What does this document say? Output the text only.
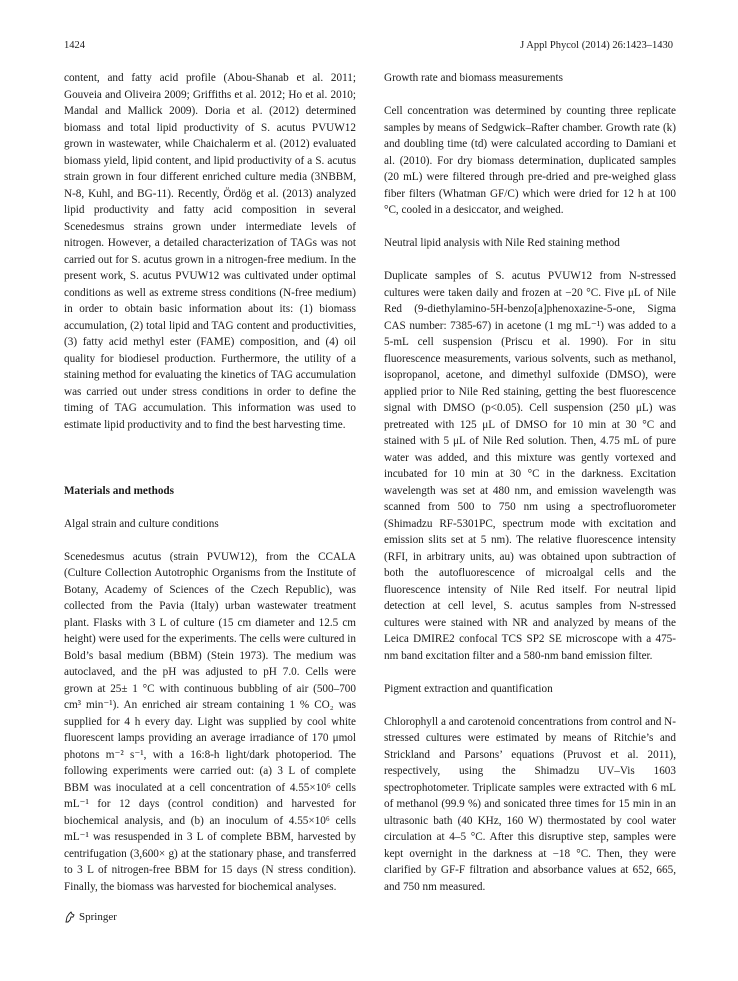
1424	J Appl Phycol (2014) 26:1423–1430

content, and fatty acid profile (Abou-Shanab et al. 2011; Gouveia and Oliveira 2009; Griffiths et al. 2012; Ho et al. 2010; Mandal and Mallick 2009). Doria et al. (2012) determined biomass and total lipid productivity of S. acutus PVUW12 grown in wastewater, while Chaichalerm et al. (2012) evaluated biomass yield, lipid content, and lipid productivity of a S. acutus strain grown in four different enriched culture media (3NBBM, N-8, Kuhl, and BG-11). Recently, Ördög et al. (2013) analyzed lipid productivity and fatty acid composition in several Scenedesmus strains grown under intermediate levels of nitrogen. However, a detailed characterization of TAGs was not carried out for S. acutus grown in a nitrogen-free medium. In the present work, S. acutus PVUW12 was cultivated under optimal conditions as well as extreme stress conditions (N-free medium) in order to obtain basic information about its: (1) biomass accumulation, (2) total lipid and TAG content and productivities, (3) fatty acid methyl ester (FAME) composition, and (4) oil quality for biodiesel production. Furthermore, the utility of a staining method for evaluating the kinetics of TAG accumulation was carried out under stress conditions in order to define the timing of TAG accumulation. This information was used to estimate lipid productivity and to find the best harvesting time.

Materials and methods

Algal strain and culture conditions

Scenedesmus acutus (strain PVUW12), from the CCALA (Culture Collection Autotrophic Organisms from the Institute of Botany, Academy of Sciences of the Czech Republic), was collected from the Pavia (Italy) urban wastewater treatment plant. Flasks with 3 L of culture (15 cm diameter and 12.5 cm height) were used for the experiments. The cells were cultured in Bold’s basal medium (BBM) (Stein 1973). The medium was autoclaved, and the pH was adjusted to pH 7.0. Cells were grown at 25± 1 °C with continuous bubbling of air (500–700 cm³ min⁻¹). An enriched air stream containing 1 % CO₂ was supplied for 4 h every day. Light was supplied by cool white fluorescent lamps providing an average irradiance of 170 μmol photons m⁻² s⁻¹, with a 16:8-h light/dark photoperiod. The following experiments were carried out: (a) 3 L of complete BBM was inoculated at a cell concentration of 4.55×10⁶ cells mL⁻¹ for 12 days (control condition) and harvested for biochemical analysis, and (b) an inoculum of 4.55×10⁶ cells mL⁻¹ was resuspended in 3 L of complete BBM, harvested by centrifugation (3,600× g) at the stationary phase, and transferred to 3 L of nitrogen-free BBM for 15 days (N stress condition). Finally, the biomass was harvested for biochemical analyses.

Growth rate and biomass measurements

Cell concentration was determined by counting three replicate samples by means of Sedgwick–Rafter chamber. Growth rate (k) and doubling time (td) were calculated according to Damiani et al. (2010). For dry biomass determination, duplicated samples (20 mL) were filtered through pre-dried and pre-weighed glass fiber filters (Whatman GF/C) which were dried for 12 h at 100 °C, cooled in a desiccator, and weighed.

Neutral lipid analysis with Nile Red staining method

Duplicate samples of S. acutus PVUW12 from N-stressed cultures were taken daily and frozen at −20 °C. Five μL of Nile Red (9-diethylamino-5H-benzo[a]phenoxazine-5-one, Sigma CAS number: 7385-67) in acetone (1 mg mL⁻¹) was added to a 5-mL cell suspension (Priscu et al. 1990). For in situ fluorescence measurements, various solvents, such as methanol, isopropanol, acetone, and dimethyl sulfoxide (DMSO), were applied prior to Nile Red staining, getting the best fluorescence signal with DMSO (p<0.05). Cell suspension (250 μL) was pretreated with 125 μL of DMSO for 10 min at 30 °C and stained with 5 μL of Nile Red solution. Then, 4.75 mL of pure water was added, and this mixture was gently vortexed and incubated for 10 min at 30 °C in the darkness. Excitation wavelength was set at 480 nm, and emission wavelength was scanned from 500 to 750 nm using a spectrofluorometer (Shimadzu RF-5301PC, spectrum mode with excitation and emission slits set at 5 nm). The relative fluorescence intensity (RFI, in arbitrary units, au) was obtained upon subtraction of both the autofluorescence of microalgal cells and the fluorescence intensity of Nile Red itself. For neutral lipid detection at cell level, S. acutus samples from N-stressed cultures were stained with NR and analyzed by means of the Leica DMIRE2 confocal TCS SP2 SE microscope with a 475-nm band excitation filter and a 580-nm band emission filter.

Pigment extraction and quantification

Chlorophyll a and carotenoid concentrations from control and N-stressed cultures were estimated by means of Ritchie’s and Strickland and Parsons’ equations (Pruvost et al. 2011), respectively, using the Shimadzu UV–Vis 1603 spectrophotometer. Triplicate samples were extracted with 6 mL of methanol (99.9 %) and sonicated three times for 15 min in an ultrasonic bath (40 KHz, 160 W) thermostated by cool water circulation at 4–5 °C. After this disruptive step, samples were kept overnight in the darkness at −18 °C. Then, they were clarified by GF-F filtration and absorbance values at 652, 665, and 750 nm measured.

Springer
